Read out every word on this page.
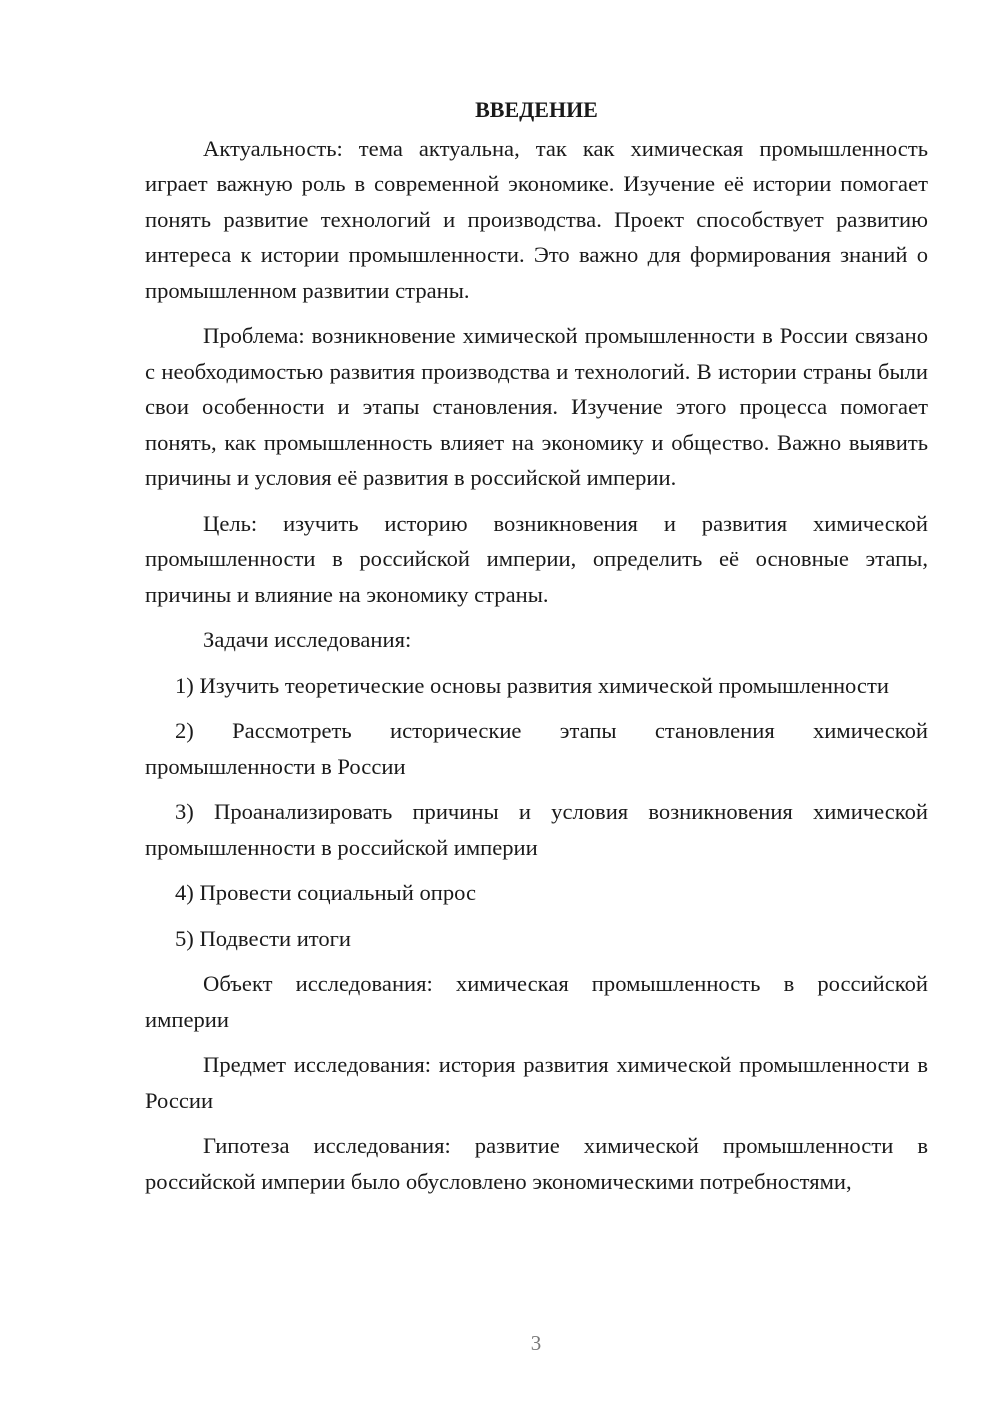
ВВЕДЕНИЕ

Актуальность: тема актуальна, так как химическая промышленность играет важную роль в современной экономике. Изучение её истории помогает понять развитие технологий и производства. Проект способствует развитию интереса к истории промышленности. Это важно для формирования знаний о промышленном развитии страны.

Проблема: возникновение химической промышленности в России связано с необходимостью развития производства и технологий. В истории страны были свои особенности и этапы становления. Изучение этого процесса помогает понять, как промышленность влияет на экономику и общество. Важно выявить причины и условия её развития в российской империи.

Цель: изучить историю возникновения и развития химической промышленности в российской империи, определить её основные этапы, причины и влияние на экономику страны.

Задачи исследования:

1) Изучить теоретические основы развития химической промышленности

2) Рассмотреть исторические этапы становления химической промышленности в России

3) Проанализировать причины и условия возникновения химической промышленности в российской империи

4) Провести социальный опрос

5) Подвести итоги

Объект исследования: химическая промышленность в российской империи

Предмет исследования: история развития химической промышленности в России

Гипотеза исследования: развитие химической промышленности в российской империи было обусловлено экономическими потребностями,

3
